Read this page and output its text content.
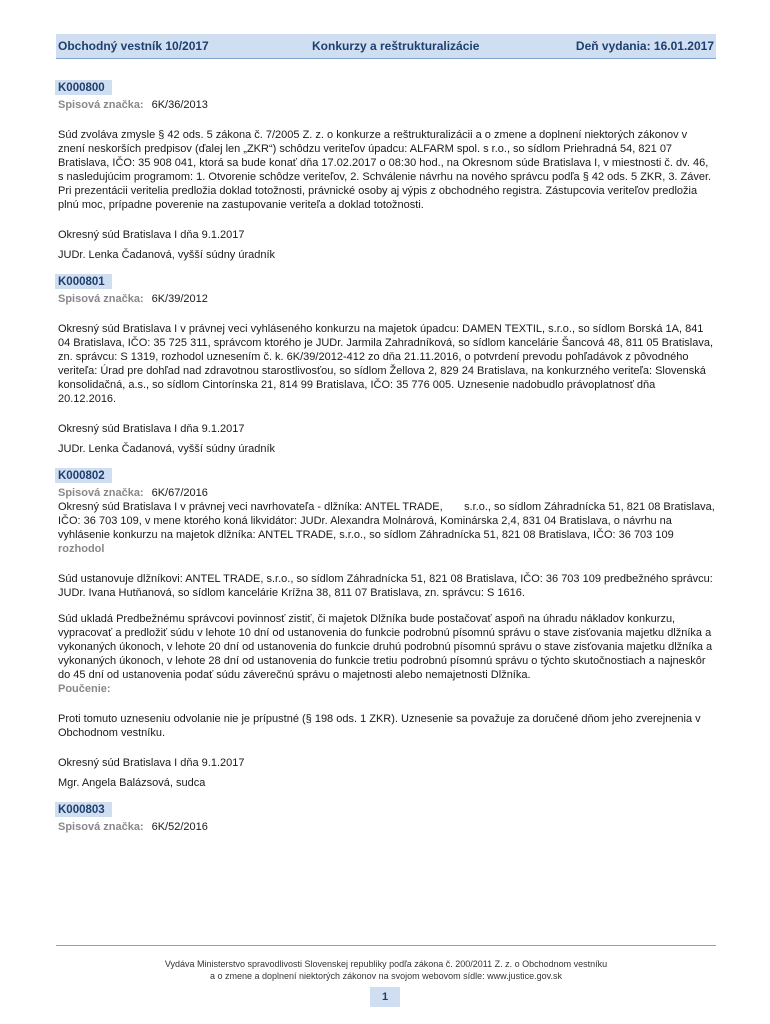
Obchodný vestník 10/2017	Konkurzy a reštrukturalizácie	Deň vydania: 16.01.2017
K000800
Spisová značka: 6K/36/2013

Súd zvoláva zmysle § 42 ods. 5 zákona č. 7/2005 Z. z. o konkurze a reštrukturalizácii a o zmene a doplnení niektorých zákonov v znení neskorších predpisov (ďalej len „ZKR“) schôdzu veriteľov úpadcu: ALFARM spol. s r.o., so sídlom Priehradná 54, 821 07 Bratislava, IČO: 35 908 041, ktorá sa bude konať dňa 17.02.2017 o 08:30 hod., na Okresnom súde Bratislava I, v miestnosti č. dv. 46, s nasledujúcim programom: 1. Otvorenie schôdze veriteľov, 2. Schválenie návrhu na nového správcu podľa § 42 ods. 5 ZKR, 3. Záver. Pri prezentácii veritelia predložia doklad totožnosti, právnické osoby aj výpis z obchodného registra. Zástupcovia veriteľov predložia plnú moc, prípadne poverenie na zastupovanie veriteľa a doklad totožnosti.

Okresný súd Bratislava I dňa 9.1.2017
JUDr. Lenka Čadanová, vyšší súdny úradník
K000801
Spisová značka: 6K/39/2012

Okresný súd Bratislava I v právnej veci vyhláseného konkurzu na majetok úpadcu: DAMEN TEXTIL, s.r.o., so sídlom Borská 1A, 841 04 Bratislava, IČO: 35 725 311, správcom ktorého je JUDr. Jarmila Zahradníková, so sídlom kancelárie Šancová 48, 811 05 Bratislava, zn. správcu: S 1319, rozhodol uznesením č. k. 6K/39/2012-412 zo dňa 21.11.2016, o potvrdení prevodu pohľadávok z pôvodného veriteľa: Úrad pre dohľad nad zdravotnou starostlivosťou, so sídlom Žellova 2, 829 24 Bratislava, na konkurzného veriteľa: Slovenská konsolidačná, a.s., so sídlom Cintorínska 21, 814 99 Bratislava, IČO: 35 776 005. Uznesenie nadobudlo právoplatnosť dňa 20.12.2016.

Okresný súd Bratislava I dňa 9.1.2017
JUDr. Lenka Čadanová, vyšší súdny úradník
K000802
Spisová značka: 6K/67/2016

Okresný súd Bratislava I v právnej veci navrhovateľa - dlžníka: ANTEL TRADE,       s.r.o., so sídlom Záhradnícka 51, 821 08 Bratislava, IČO: 36 703 109, v mene ktorého koná likvidátor: JUDr. Alexandra Molnárová, Kominárska 2,4, 831 04 Bratislava, o návrhu na vyhlásenie konkurzu na majetok dlžníka: ANTEL TRADE, s.r.o., so sídlom Záhradnícka 51, 821 08 Bratislava, IČO: 36 703 109

rozhodol

Súd ustanovuje dlžníkovi: ANTEL TRADE, s.r.o., so sídlom Záhradnícka 51, 821 08 Bratislava, IČO: 36 703 109 predbežného správcu: JUDr. Ivana Hutňanová, so sídlom kancelárie Krížna 38, 811 07 Bratislava, zn. správcu: S 1616.

Súd ukladá Predbežnému správcovi povinnosť zistiť, či majetok Dlžníka bude postačovať aspoň na úhradu nákladov konkurzu, vypracovať a predložiť súdu v lehote 10 dní od ustanovenia do funkcie podrobnú písomnú správu o stave zisťovania majetku dlžníka a vykonaných úkonoch, v lehote 20 dní od ustanovenia do funkcie druhú podrobnú písomnú správu o stave zisťovania majetku dlžníka a vykonaných úkonoch, v lehote 28 dní od ustanovenia do funkcie tretiu podrobnú písomnú správu o týchto skutočnostiach a najneskôr do 45 dní od ustanovenia podať súdu záverečnú správu o majetnosti alebo nemajetnosti Dlžníka.

Poučenie:

Proti tomuto uzneseniu odvolanie nie je prípustné (§ 198 ods. 1 ZKR). Uznesenie sa považuje za doručené dňom jeho zverejnenia v Obchodnom vestníku.

Okresný súd Bratislava I dňa 9.1.2017
Mgr. Angela Balázsová, sudca
K000803
Spisová značka: 6K/52/2016
Vydáva Ministerstvo spravodlivosti Slovenskej republiky podľa zákona č. 200/2011 Z. z. o Obchodnom vestníku
a o zmene a doplnení niektorých zákonov na svojom webovom sídle: www.justice.gov.sk
1
